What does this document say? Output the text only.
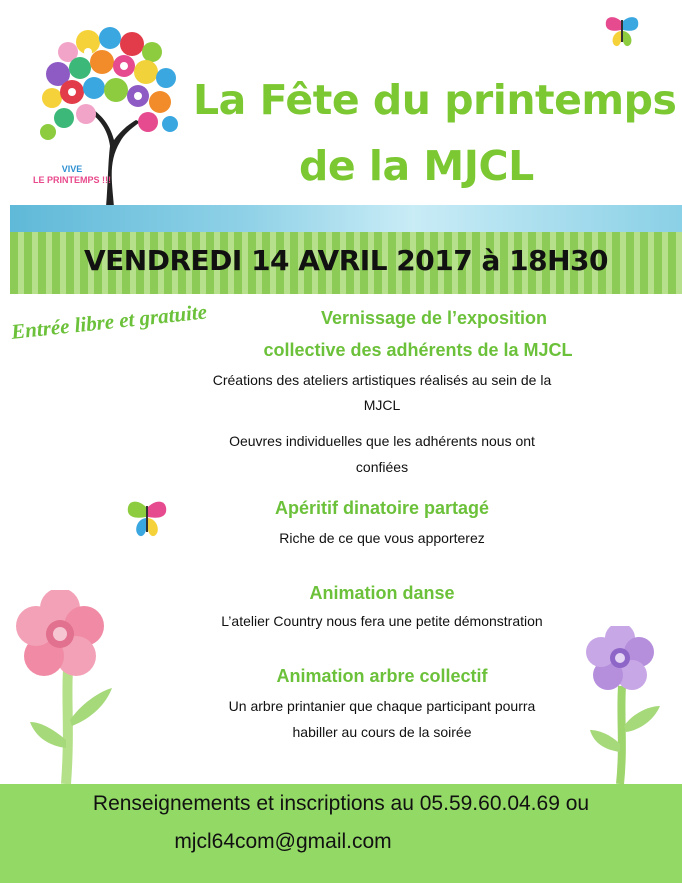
VIVE
LE PRINTEMPS !!!
La Fête du printemps
de la MJCL
VENDREDI 14 AVRIL 2017 à 18H30
Entrée libre et gratuite	Vernissage de l’exposition
collective des adhérents de la MJCL
Créations des ateliers artistiques réalisés au sein de la
MJCL
Oeuvres individuelles que les adhérents nous ont
confiées
Apéritif dinatoire partagé
Riche de ce que vous apporterez
Animation danse
L’atelier Country nous fera une petite démonstration
Animation arbre collectif
Un arbre printanier que chaque participant pourra
habiller au cours de la soirée
Renseignements et inscriptions au 05.59.60.04.69 ou
mjcl64com@gmail.com
